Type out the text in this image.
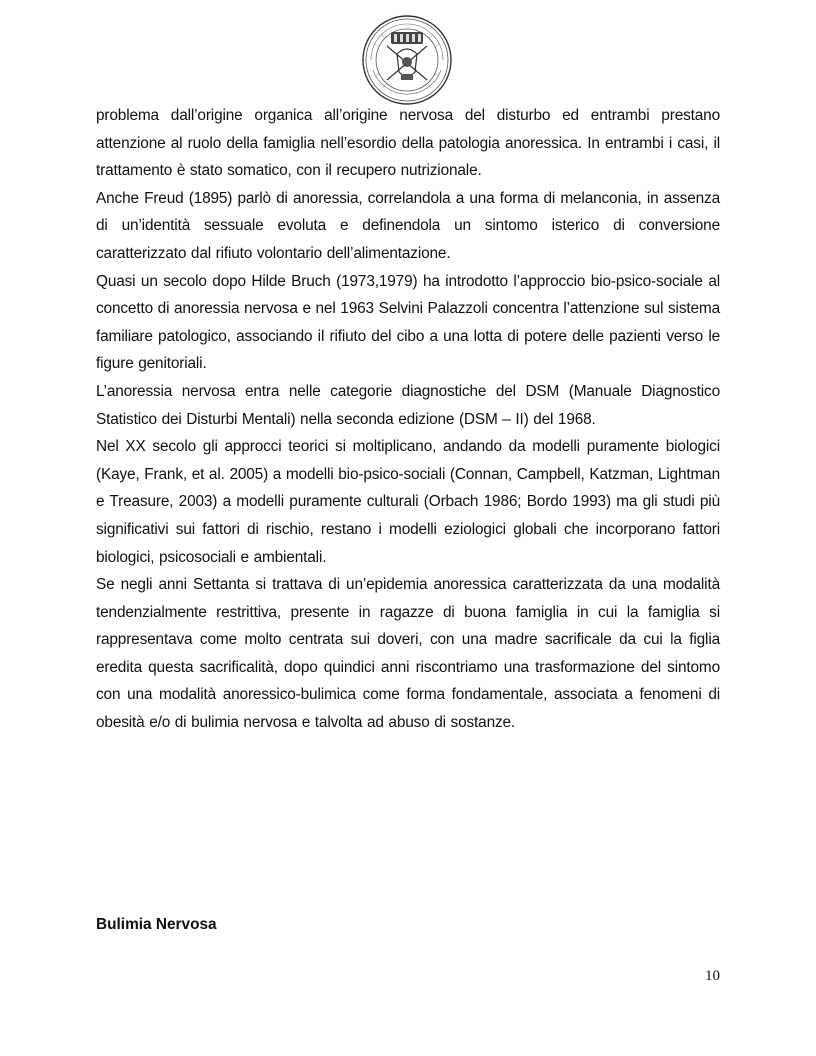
problema dall’origine organica all’origine nervosa del disturbo ed entrambi prestano attenzione al ruolo della famiglia nell’esordio della patologia anoressica. In entrambi i casi, il trattamento è stato somatico, con il recupero nutrizionale.

Anche Freud (1895) parlò di anoressia, correlandola a una forma di melanconia, in assenza di un’identità sessuale evoluta e definendola un sintomo isterico di conversione caratterizzato dal rifiuto volontario dell’alimentazione.

Quasi un secolo dopo Hilde Bruch (1973,1979) ha introdotto l’approccio bio-psico-sociale al concetto di anoressia nervosa e nel 1963 Selvini Palazzoli concentra l’attenzione sul sistema familiare patologico, associando il rifiuto del cibo a una lotta di potere delle pazienti verso le figure genitoriali.

L’anoressia nervosa entra nelle categorie diagnostiche del DSM (Manuale Diagnostico Statistico dei Disturbi Mentali) nella seconda edizione (DSM – II) del 1968.

Nel XX secolo gli approcci teorici si moltiplicano, andando da modelli puramente biologici (Kaye, Frank, et al. 2005) a modelli bio-psico-sociali (Connan, Campbell, Katzman, Lightman e Treasure, 2003) a modelli puramente culturali (Orbach 1986; Bordo 1993) ma gli studi più significativi sui fattori di rischio, restano i modelli eziologici globali che incorporano fattori biologici, psicosociali e ambientali.

Se negli anni Settanta si trattava di un’epidemia anoressica caratterizzata da una modalità tendenzialmente restrittiva, presente in ragazze di buona famiglia in cui la famiglia si rappresentava come molto centrata sui doveri, con una madre sacrificale da cui la figlia eredita questa sacrificalità, dopo quindici anni riscontriamo una trasformazione del sintomo con una modalità anoressico-bulimica come forma fondamentale, associata a fenomeni di obesità e/o di bulimia nervosa e talvolta ad abuso di sostanze.

Bulimia Nervosa

10
